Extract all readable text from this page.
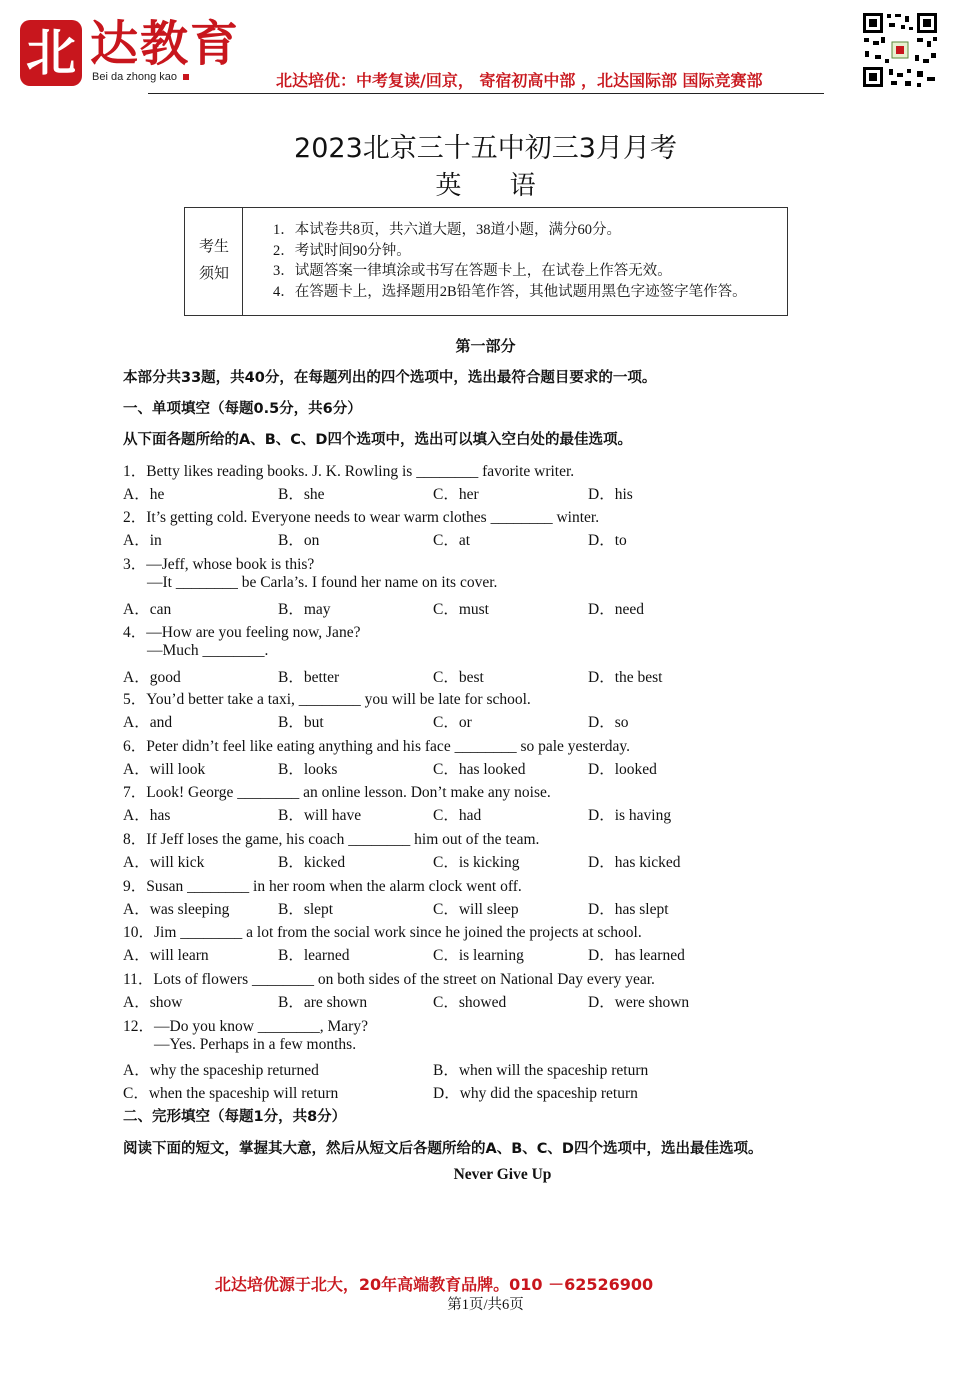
北 达教育
Bei da zhong kao	北达培优：中考复读/回京， 寄宿初高中部 ，北达国际部 国际竞赛部
2023北京三十五中初三3月月考
英 语
考生
须知
1．本试卷共8页，共六道大题，38道小题，满分60分。
2．考试时间90分钟。
3．试题答案一律填涂或书写在答题卡上，在试卷上作答无效。
4．在答题卡上，选择题用2B铅笔作答，其他试题用黑色字迹签字笔作答。
第一部分
本部分共33题，共40分，在每题列出的四个选项中，选出最符合题目要求的一项。
一、单项填空（每题0.5分，共6分）
从下面各题所给的A、B、C、D四个选项中，选出可以填入空白处的最佳选项。
1．Betty likes reading books. J. K. Rowling is ________ favorite writer.
A．he	B．she	C．her	D．his
2．It’s getting cold. Everyone needs to wear warm clothes ________ winter.
A．in	B．on	C．at	D．to
3．—Jeff, whose book is this?
—It ________ be Carla’s. I found her name on its cover.
A．can	B．may	C．must	D．need
4．—How are you feeling now, Jane?
—Much ________.
A．good	B．better	C．best	D．the best
5．You’d better take a taxi, ________ you will be late for school.
A．and	B．but	C．or	D．so
6．Peter didn’t feel like eating anything and his face ________ so pale yesterday.
A．will look	B．looks	C．has looked	D．looked
7．Look! George ________ an online lesson. Don’t make any noise.
A．has	B．will have	C．had	D．is having
8．If Jeff loses the game, his coach ________ him out of the team.
A．will kick	B．kicked	C．is kicking	D．has kicked
9．Susan ________ in her room when the alarm clock went off.
A．was sleeping	B．slept	C．will sleep	D．has slept
10．Jim ________ a lot from the social work since he joined the projects at school.
A．will learn	B．learned	C．is learning	D．has learned
11．Lots of flowers ________ on both sides of the street on National Day every year.
A．show	B．are shown	C．showed	D．were shown
12．—Do you know ________, Mary?
—Yes. Perhaps in a few months.
A．why the spaceship returned	B．when will the spaceship return
C．when the spaceship will return	D．why did the spaceship return
二、完形填空（每题1分，共8分）
阅读下面的短文，掌握其大意，然后从短文后各题所给的A、B、C、D四个选项中，选出最佳选项。
Never Give Up
北达培优源于北大，20年高端教育品牌。010 －62526900
第1页/共6页
